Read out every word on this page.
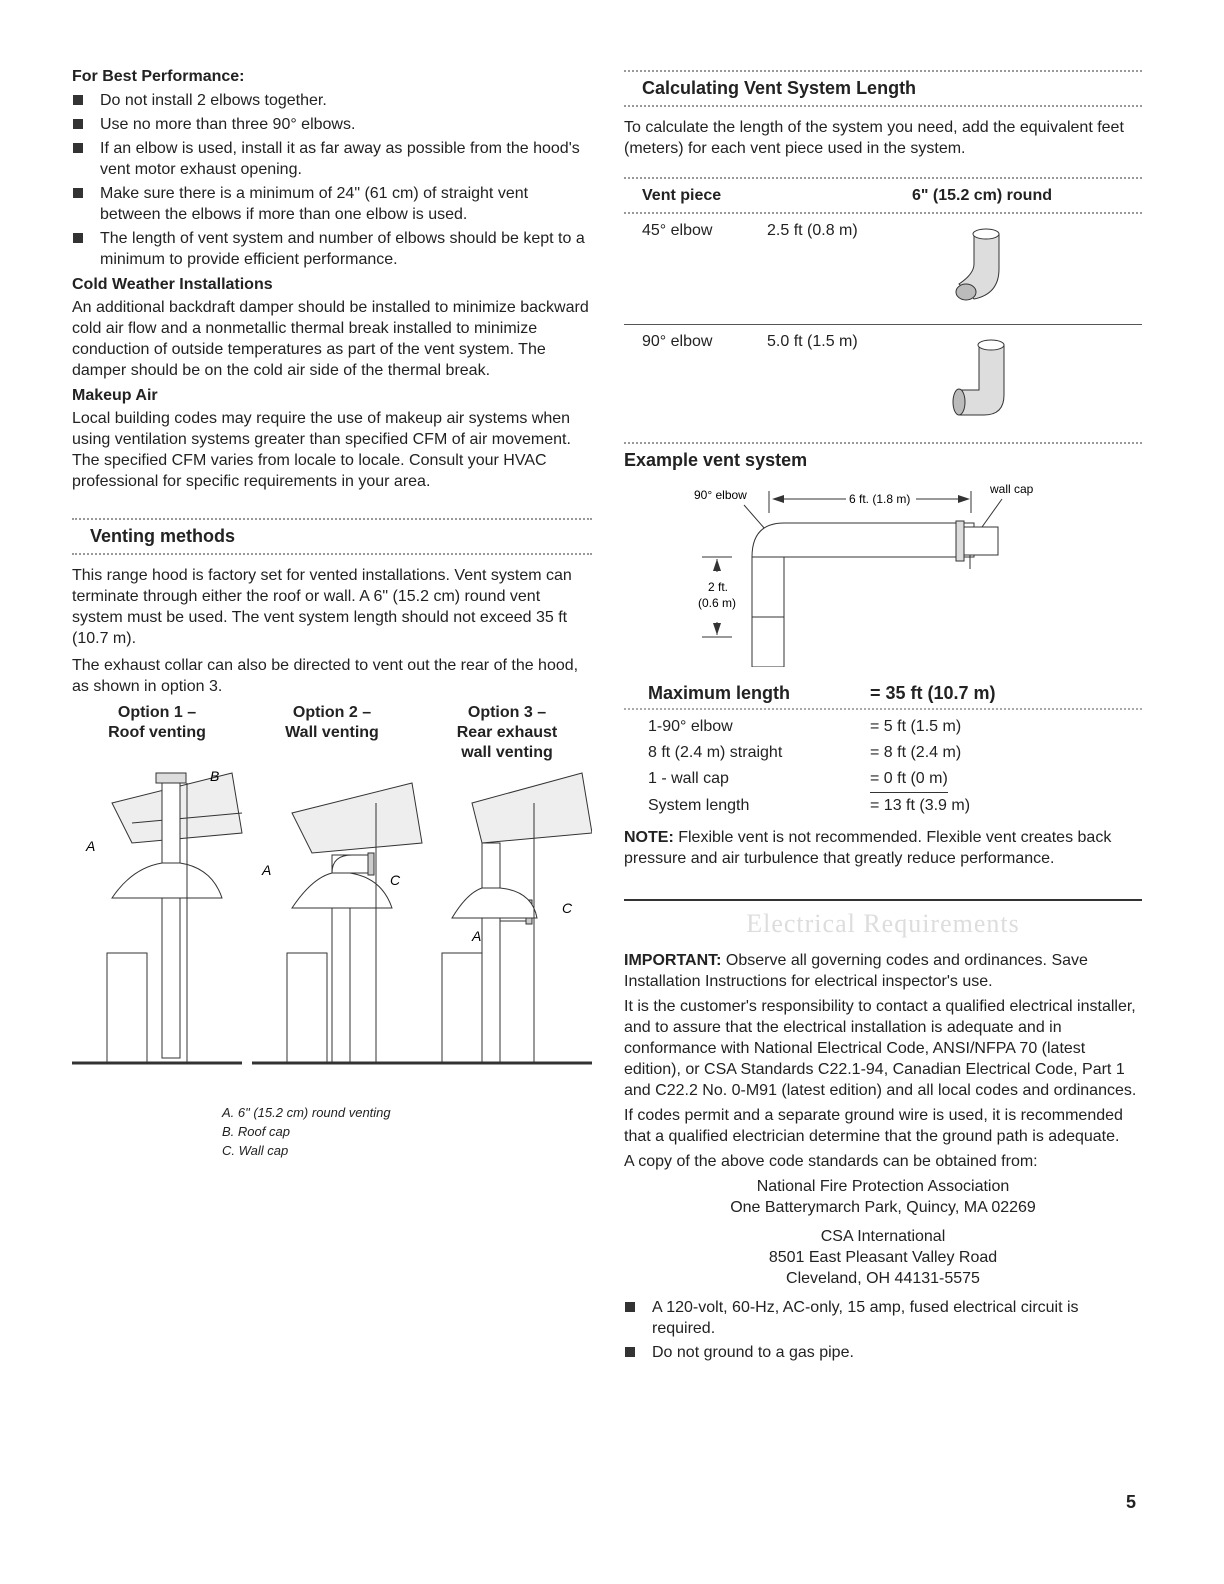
For Best Performance:
Do not install 2 elbows together.
Use no more than three 90° elbows.
If an elbow is used, install it as far away as possible from the hood's vent motor exhaust opening.
Make sure there is a minimum of 24" (61 cm) of straight vent between the elbows if more than one elbow is used.
The length of vent system and number of elbows should be kept to a minimum to provide efficient performance.
Cold Weather Installations

An additional backdraft damper should be installed to minimize backward cold air flow and a nonmetallic thermal break installed to minimize conduction of outside temperatures as part of the vent system. The damper should be on the cold air side of the thermal break.

Makeup Air

Local building codes may require the use of makeup air systems when using ventilation systems greater than specified CFM of air movement. The specified CFM varies from locale to locale. Consult your HVAC professional for specific requirements in your area.

Venting methods

This range hood is factory set for vented installations. Vent system can terminate through either the roof or wall. A 6" (15.2 cm) round vent system must be used. The vent system length should not exceed 35 ft (10.7 m).

The exhaust collar can also be directed to vent out the rear of the hood, as shown in option 3.

Option 1 –
Roof venting
Option 2 –
Wall venting
Option 3 –
Rear exhaust
wall venting
A
B
A
C
A
C
A. 6" (15.2 cm) round venting
B. Roof cap
C. Wall cap
Calculating Vent System Length

To calculate the length of the system you need, add the equivalent feet (meters) for each vent piece used in the system.

Vent piece	6" (15.2 cm) round
45° elbow	2.5 ft (0.8 m)
90° elbow	5.0 ft (1.5 m)
Example vent system
90° elbow	6 ft. (1.8 m)
wall cap
2 ft.
(0.6 m)
Maximum length	= 35 ft (10.7 m)
1-90° elbow	= 5 ft (1.5 m)
8 ft (2.4 m) straight	= 8 ft (2.4 m)
1 - wall cap	= 0 ft (0 m)
System length	= 13 ft (3.9 m)

NOTE: Flexible vent is not recommended. Flexible vent creates back pressure and air turbulence that greatly reduce performance.

Electrical Requirements

IMPORTANT: Observe all governing codes and ordinances. Save Installation Instructions for electrical inspector's use.

It is the customer's responsibility to contact a qualified electrical installer, and to assure that the electrical installation is adequate and in conformance with National Electrical Code, ANSI/NFPA 70 (latest edition), or CSA Standards C22.1-94, Canadian Electrical Code, Part 1 and C22.2 No. 0-M91 (latest edition) and all local codes and ordinances.

If codes permit and a separate ground wire is used, it is recommended that a qualified electrician determine that the ground path is adequate.

A copy of the above code standards can be obtained from:

National Fire Protection Association
One Batterymarch Park, Quincy, MA 02269
CSA International
8501 East Pleasant Valley Road
Cleveland, OH 44131-5575
A 120-volt, 60-Hz, AC-only, 15 amp, fused electrical circuit is required.
Do not ground to a gas pipe.
5
